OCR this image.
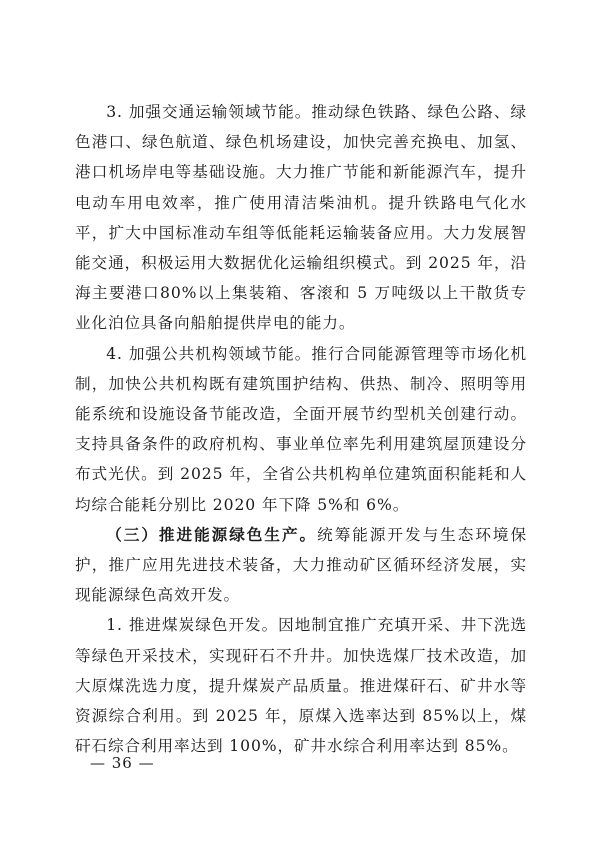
3. 加强交通运输领域节能。推动绿色铁路、绿色公路、绿色港口、绿色航道、绿色机场建设，加快完善充换电、加氢、港口机场岸电等基础设施。大力推广节能和新能源汽车，提升电动车用电效率，推广使用清洁柴油机。提升铁路电气化水平，扩大中国标准动车组等低能耗运输装备应用。大力发展智能交通，积极运用大数据优化运输组织模式。到 2025 年，沿海主要港口80%以上集装箱、客滚和 5 万吨级以上干散货专业化泊位具备向船舶提供岸电的能力。

4. 加强公共机构领域节能。推行合同能源管理等市场化机制，加快公共机构既有建筑围护结构、供热、制冷、照明等用能系统和设施设备节能改造，全面开展节约型机关创建行动。支持具备条件的政府机构、事业单位率先利用建筑屋顶建设分布式光伏。到 2025 年，全省公共机构单位建筑面积能耗和人均综合能耗分别比 2020 年下降 5%和 6%。

（三）推进能源绿色生产。统筹能源开发与生态环境保护，推广应用先进技术装备，大力推动矿区循环经济发展，实现能源绿色高效开发。

1. 推进煤炭绿色开发。因地制宜推广充填开采、井下洗选等绿色开采技术，实现矸石不升井。加快选煤厂技术改造，加大原煤洗选力度，提升煤炭产品质量。推进煤矸石、矿井水等资源综合利用。到 2025 年，原煤入选率达到 85%以上，煤矸石综合利用率达到 100%，矿井水综合利用率达到 85%。

— 36 —
